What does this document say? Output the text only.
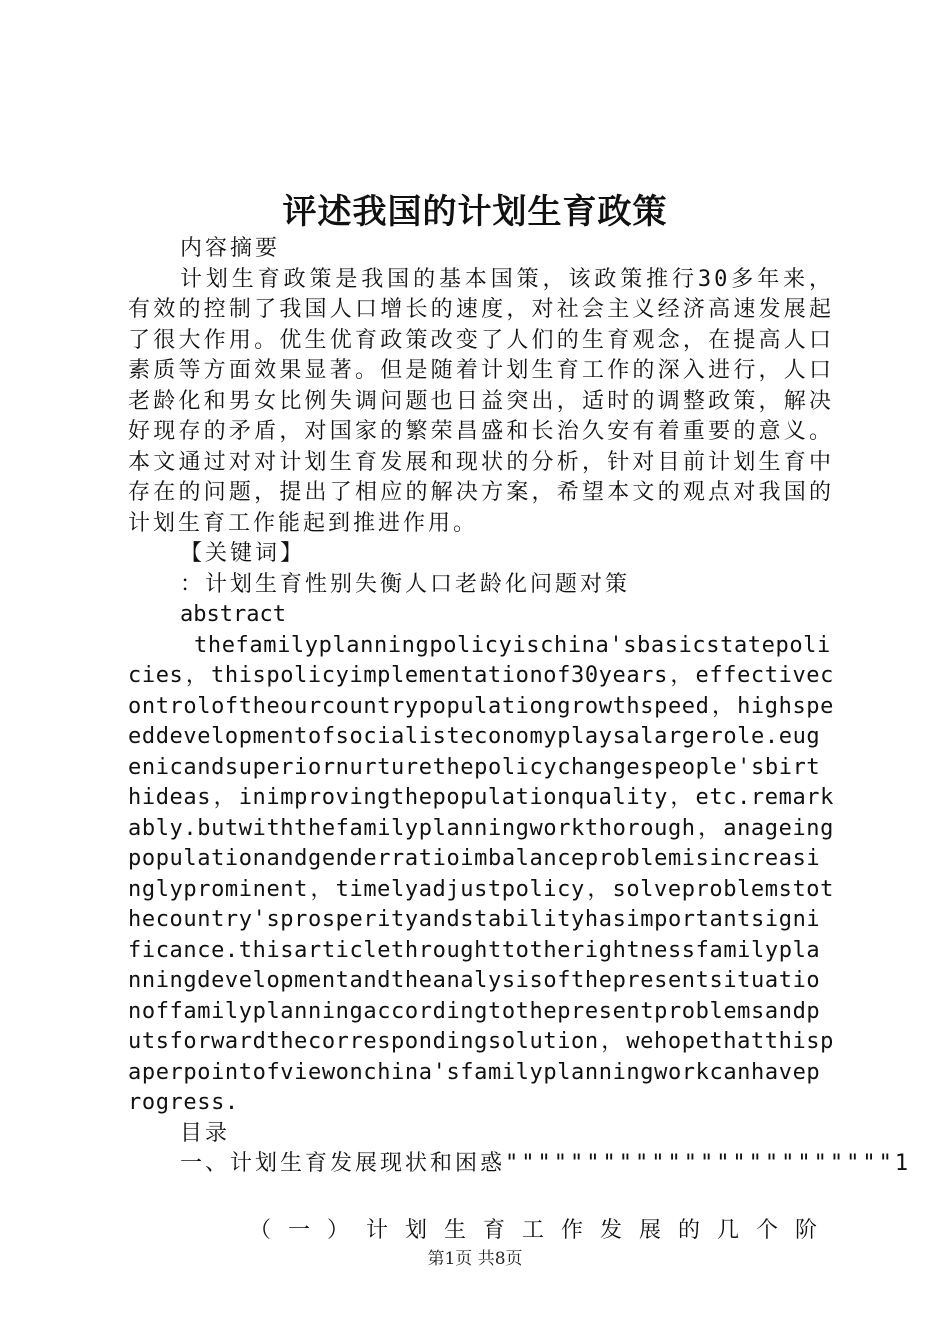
评述我国的计划生育政策

内容摘要

计划生育政策是我国的基本国策，该政策推行30多年来，有效的控制了我国人口增长的速度，对社会主义经济高速发展起了很大作用。优生优育政策改变了人们的生育观念，在提高人口素质等方面效果显著。但是随着计划生育工作的深入进行，人口老龄化和男女比例失调问题也日益突出，适时的调整政策，解决好现存的矛盾，对国家的繁荣昌盛和长治久安有着重要的意义。本文通过对对计划生育发展和现状的分析，针对目前计划生育中存在的问题，提出了相应的解决方案，希望本文的观点对我国的计划生育工作能起到推进作用。

【关键词】

：计划生育性别失衡人口老龄化问题对策

abstract

thefamilyplanningpolicyischina'sbasicstatepolicies，thispolicyimplementationof30years，effectivecontroloftheourcountrypopulationgrowthspeed，highspeeddevelopmentofsocialisteconomyplaysalargerole.eugenicandsuperiornurturethepolicychangespeople'sbirthideas，inimprovingthepopulationquality，etc.remarkably.butwiththefamilyplanningworkthorough，anageingpopulationandgenderratioimbalanceproblemisincreasinglyprominent，timelyadjustpolicy，solveproblemstothecountry'sprosperityandstabilityhasimportantsignificance.thisarticlethroughttotherightnessfamilyplanningdevelopmentandtheanalysisofthepresentsituationoffamilyplanningaccordingtothepresentproblemsandputsforwardthecorrespondingsolution，wehopethatthispaperpointofviewonchina'sfamilyplanningworkcanhaveprogress.

目录

一、计划生育发展现状和困惑""""""""""""""""""""""""1

（一）计划生育工作发展的几个阶

第1页 共8页
